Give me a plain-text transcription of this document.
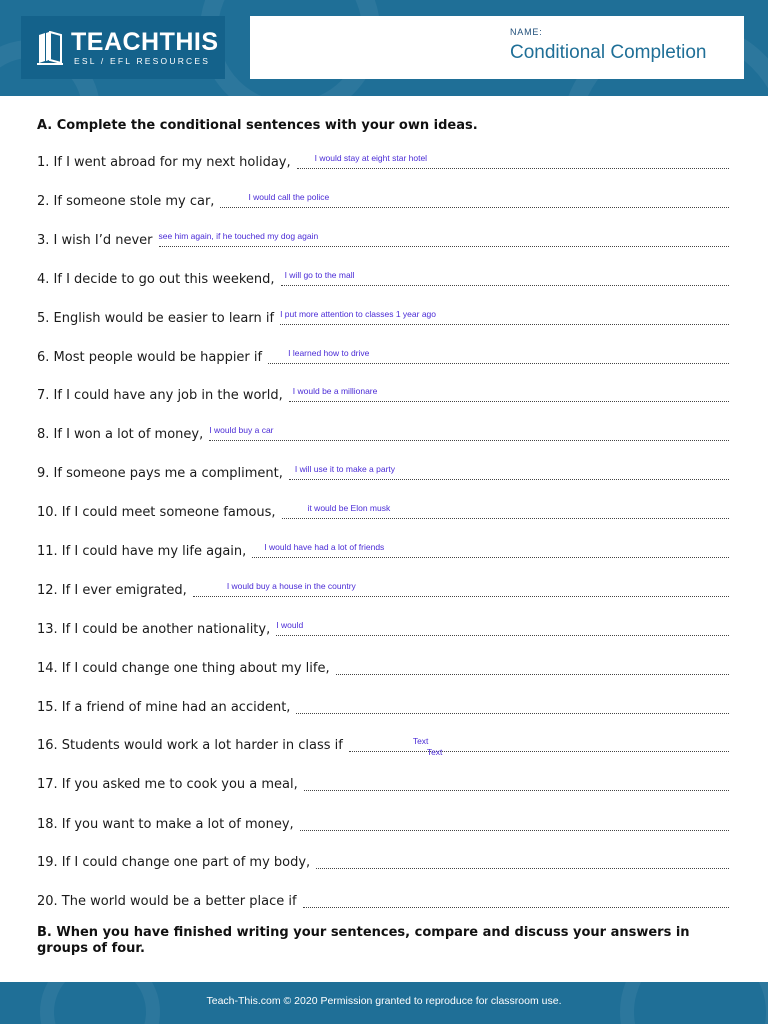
TEACHTHIS
ESL / EFL RESOURCES
NAME:
Conditional Completion
A. Complete the conditional sentences with your own ideas.
1. If I went abroad for my next holiday,	I would stay at eight star hotel
2. If someone stole my car,	I would call the police
3. I wish I’d never see him again, if he touched my dog again
4. If I decide to go out this weekend,	I will go to the mall
5. English would be easier to learn if I put more attention to classes 1 year ago
6. Most people would be happier if	I learned how to drive
7. If I could have any job in the world,	I would be a millionare
8. If I won a lot of money, I would buy a car
9. If someone pays me a compliment,	I will use it to make a party
10. If I could meet someone famous,	it would be Elon musk
11. If I could have my life again,	I would have had a lot of friends
12. If I ever emigrated,	I would buy a house in the country
13. If I could be another nationality, I would
14. If I could change one thing about my life,
15. If a friend of mine had an accident,
16. Students would work a lot harder in class if	Text
Text
17. If you asked me to cook you a meal,
18. If you want to make a lot of money,
19. If I could change one part of my body,
20. The world would be a better place if
B. When you have finished writing your sentences, compare and discuss your answers in groups of four.
Teach-This.com © 2020 Permission granted to reproduce for classroom use.
